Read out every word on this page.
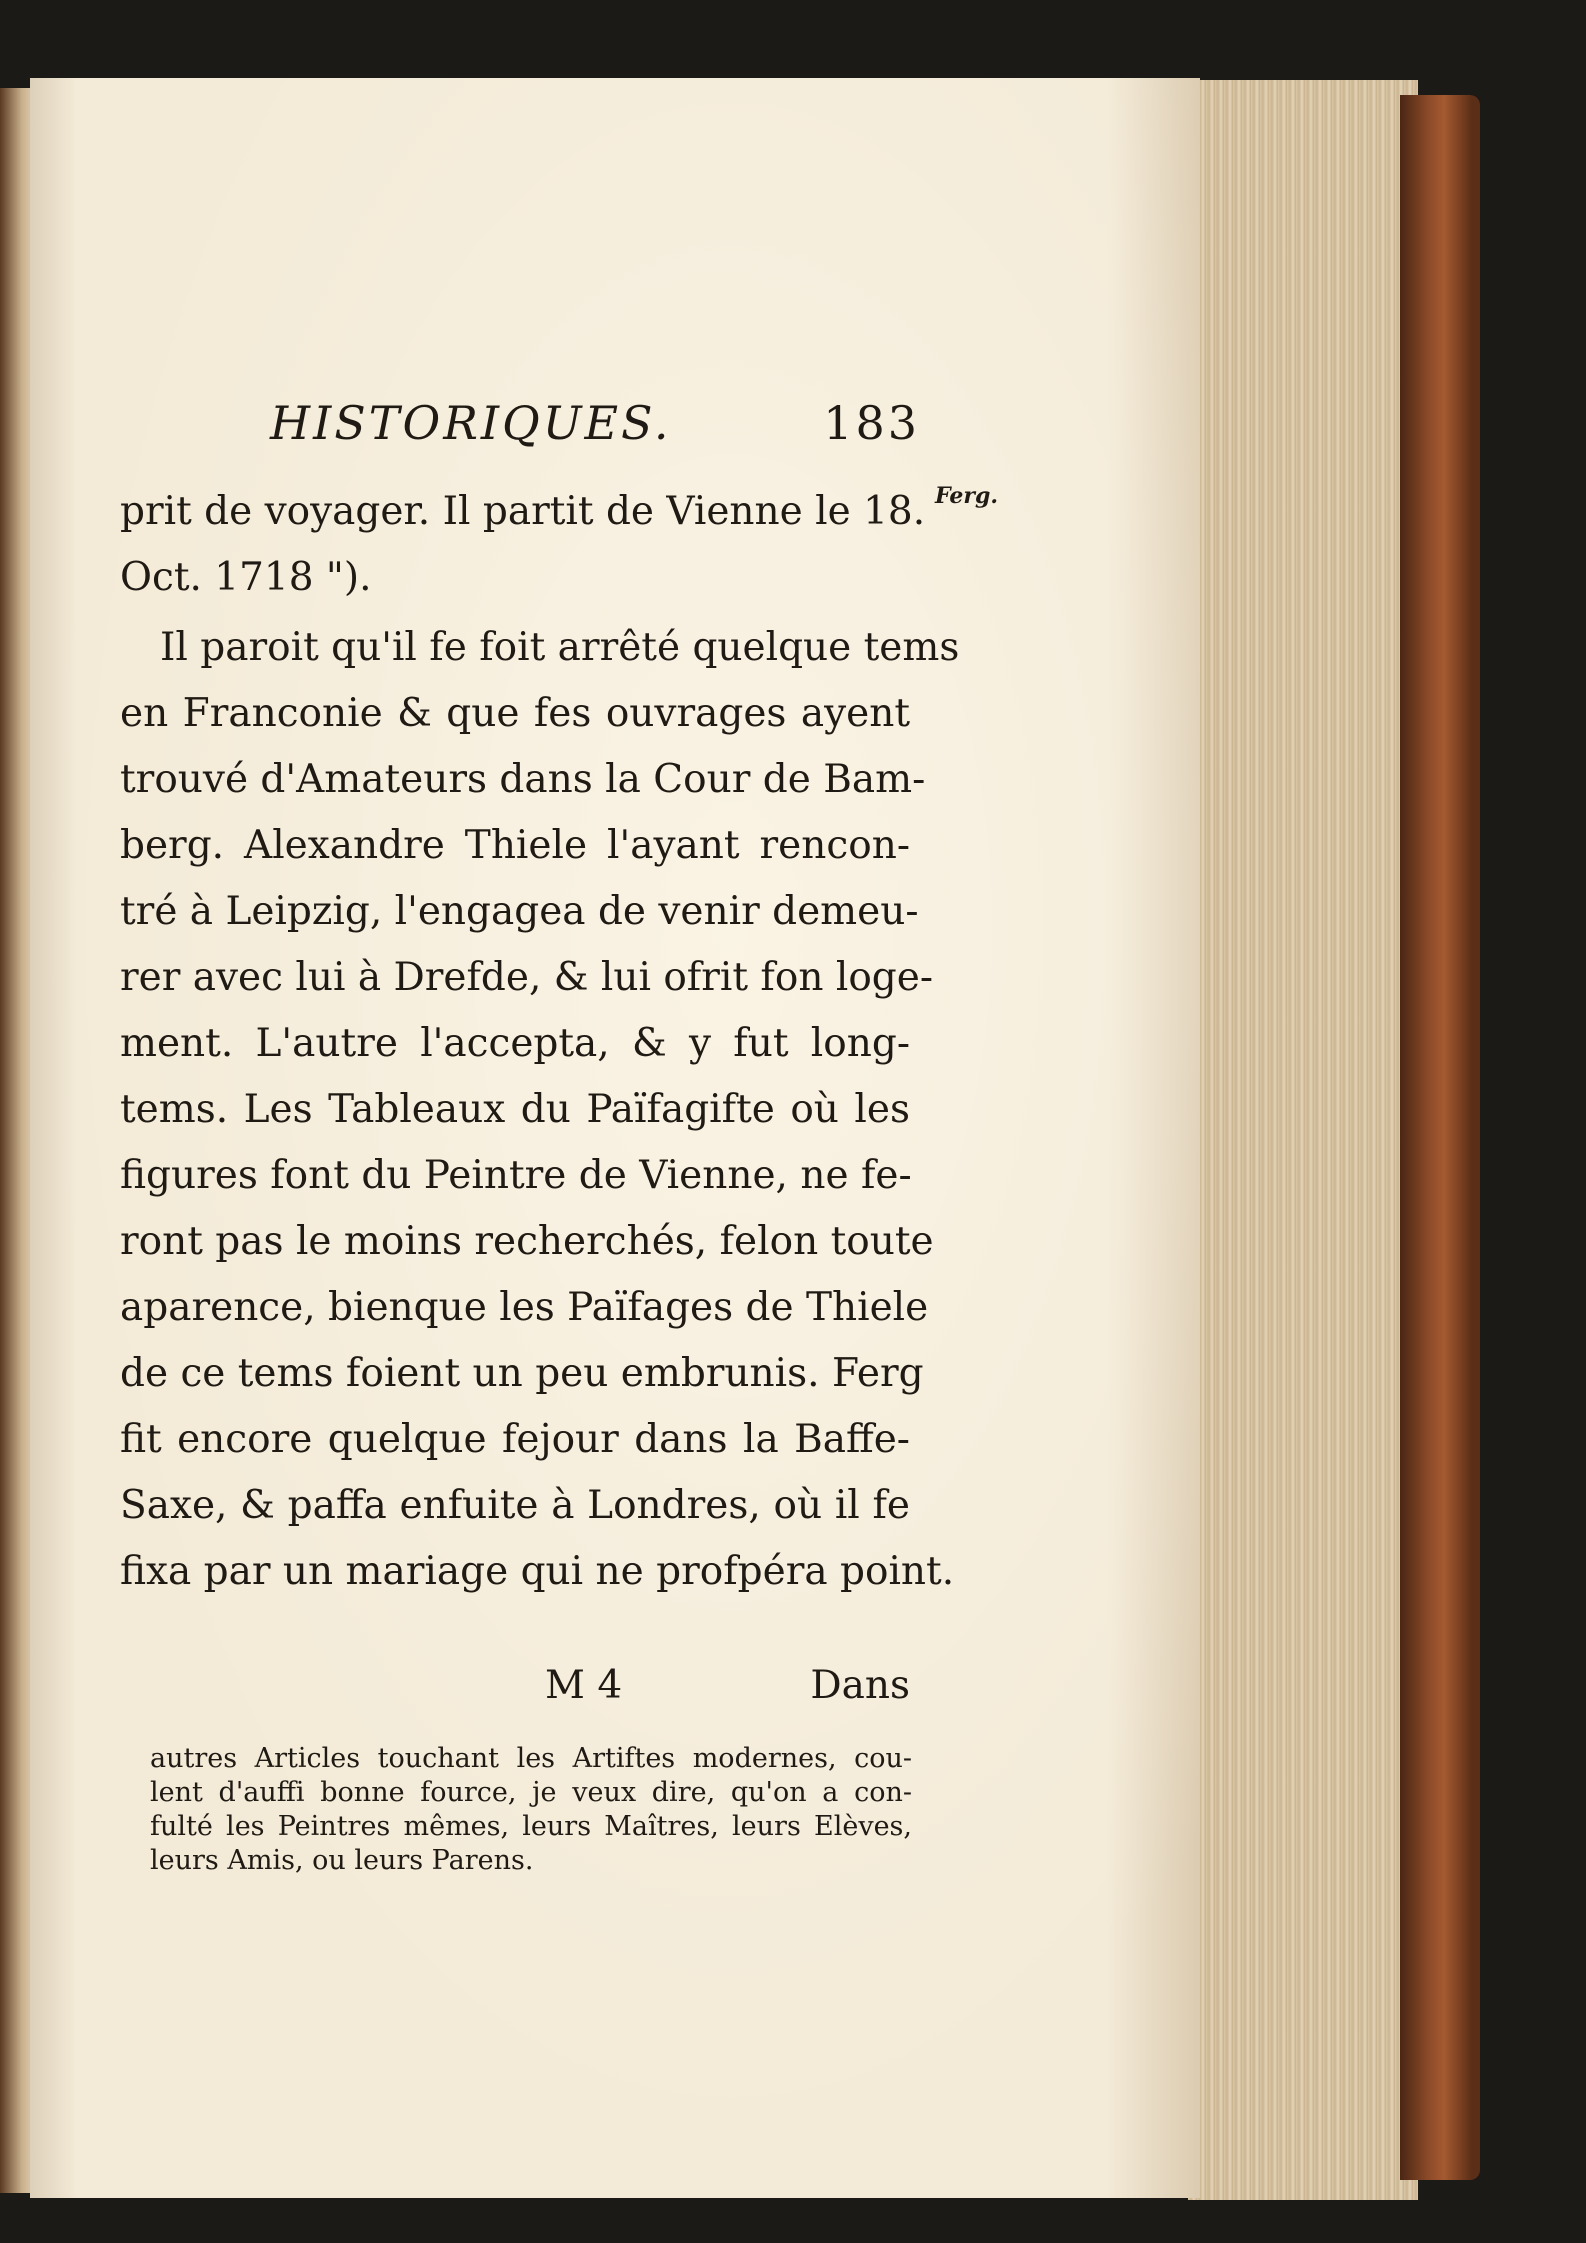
HISTORIQUES.	183
Ferg.
prit de voyager. Il partit de Vienne le 18.
Oct. 1718 ").
Il paroit qu'il fe foit arrêté quelque tems
en Franconie & que fes ouvrages ayent
trouvé d'Amateurs dans la Cour de Bam-
berg. Alexandre Thiele l'ayant rencon-
tré à Leipzig, l'engagea de venir demeu-
rer avec lui à Drefde, & lui ofrit fon loge-
ment. L'autre l'accepta, & y fut long-
tems. Les Tableaux du Païfagifte où les
figures font du Peintre de Vienne, ne fe-
ront pas le moins recherchés, felon toute
aparence, bienque les Païfages de Thiele
de ce tems foient un peu embrunis. Ferg
fit encore quelque fejour dans la Baffe-
Saxe, & paffa enfuite à Londres, où il fe
fixa par un mariage qui ne profpéra point.
M 4	Dans
autres Articles touchant les Artiftes modernes, cou-
lent d'auffi bonne fource, je veux dire, qu'on a con-
fulté les Peintres mêmes, leurs Maîtres, leurs Elèves,
leurs Amis, ou leurs Parens.
